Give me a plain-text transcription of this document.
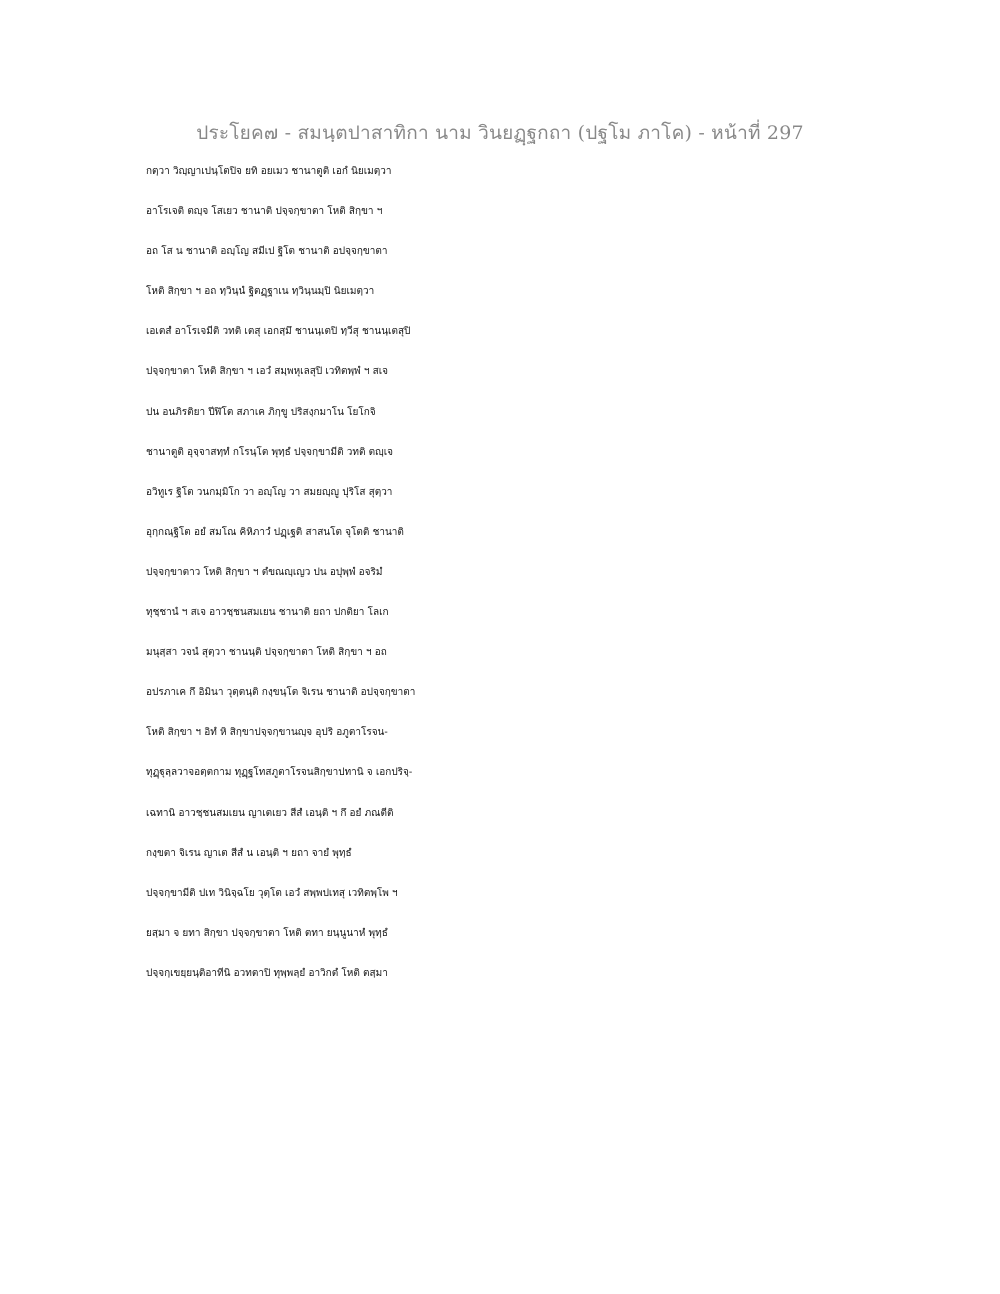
ประโยค๗ - สมนฺตปาสาทิกา นาม วินยฏฺฐกถา (ปฐโม ภาโค) - หน้าที่ 297
กตฺวา วิญฺญาเปนฺโตปิจ ยทิ อยเมว ชานาตูติ เอกํ นิยเมตฺวา
อาโรเจติ ตญฺจ โสเยว ชานาติ ปจฺจกฺขาตา โหติ สิกฺขา ฯ
อถ โส น ชานาติ อญฺโญ สมีเป ฐิโต ชานาติ อปจฺจกฺขาตา
โหติ สิกฺขา ฯ อถ ทฺวินฺนํ ฐิตฏฺฐาเน ทฺวินฺนมฺปิ นิยเมตฺวา
เอเตสํ อาโรเจมีติ วทติ เตสุ เอกสฺมึ ชานนฺเตปิ ทฺวีสุ ชานนฺเตสุปิ
ปจฺจกฺขาตา โหติ สิกฺขา ฯ เอวํ สมฺพหุเลสุปิ เวทิตพฺพํ ฯ สเจ
ปน อนภิรติยา ปีฬิโต สภาเค ภิกฺขู ปริสงฺกมาโน โยโกจิ
ชานาตูติ อุจฺจาสทฺทํ กโรนฺโต พุทฺธํ ปจฺจกฺขามีติ วทติ ตญฺเจ
อวิทูเร ฐิโต วนกมฺมิโก วา อญฺโญ วา สมยญฺญู ปุริโส สุตฺวา
อุกฺกณฺฐิโต อยํ สมโณ คิหิภาวํ ปฏฺเฐติ สาสนโต จุโตติ ชานาติ
ปจฺจกฺขาตาว โหติ สิกฺขา ฯ ตํขณญฺเญว ปน อปุพฺพํ อจริมํ
ทุชฺชานํ ฯ สเจ อาวชฺชนสมเยน ชานาติ ยถา ปกติยา โลเก
มนุสฺสา วจนํ สุตฺวา ชานนฺติ ปจฺจกฺขาตา โหติ สิกฺขา ฯ อถ
อปรภาเค กึ อิมินา วุตฺตนฺติ กงฺขนฺโต จิเรน ชานาติ อปจฺจกฺขาตา
โหติ สิกฺขา ฯ อิทํ หิ สิกฺขาปจฺจกฺขานญฺจ อุปริ อภูตาโรจน-
ทุฏฺฐุลฺลวาจอตฺตกาม ทุฏฺฐโทสภูตาโรจนสิกฺขาปทานิ จ เอกปริจฺ-
เฉทานิ อาวชฺชนสมเยน ญาเตเยว สีสํ เอนฺติ ฯ กึ อยํ ภณตีติ
กงฺขตา จิเรน ญาเต สีสํ น เอนฺติ ฯ ยถา จายํ พุทฺธํ
ปจฺจกฺขามีติ ปเท วินิจฺฉโย วุตฺโต เอวํ สพฺพปเทสุ เวทิตพฺโพ ฯ
ยสฺมา จ ยทา สิกฺขา ปจฺจกฺขาตา โหติ ตทา ยนฺนูนาหํ พุทฺธํ
ปจฺจกฺเขยฺยนฺติอาทีนิ อวทตาปิ ทุพฺพลฺยํ อาวิกตํ โหติ ตสฺมา
